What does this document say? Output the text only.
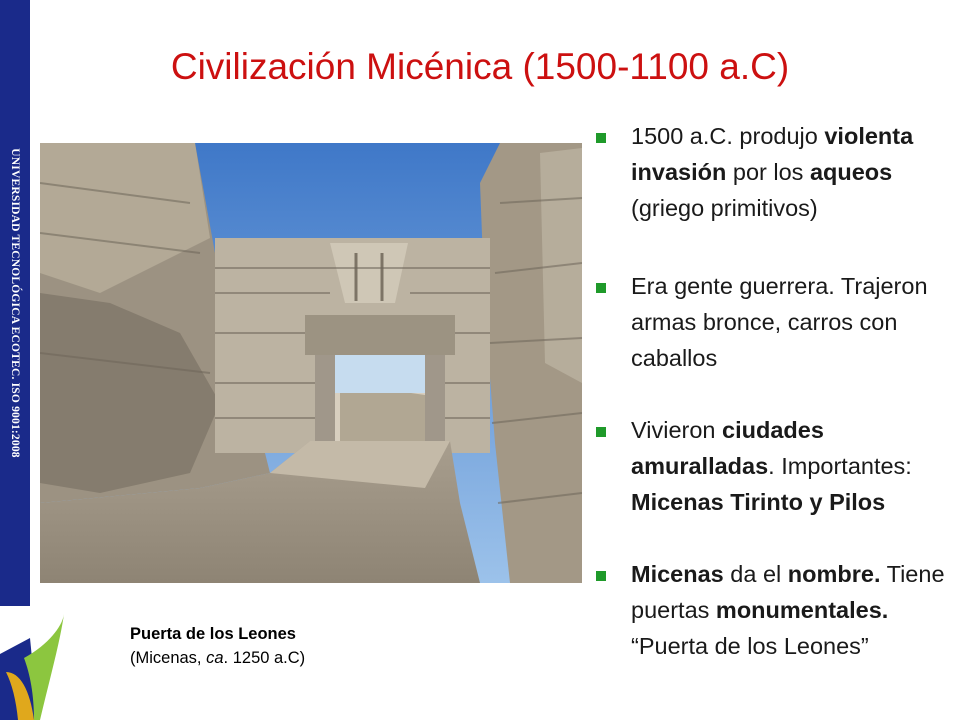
UNIVERSIDAD TECNOLÓGICA ECOTEC. ISO 9001:2008
Civilización Micénica (1500-1100 a.C)
Puerta de los Leones
(Micenas, ca. 1250 a.C)
1500 a.C. produjo violenta invasión por los aqueos (griego primitivos)
Era gente guerrera. Trajeron armas bronce, carros con caballos
Vivieron ciudades amuralladas. Importantes: Micenas Tirinto y Pilos
Micenas da el nombre. Tiene puertas monumentales. “Puerta de los Leones”
